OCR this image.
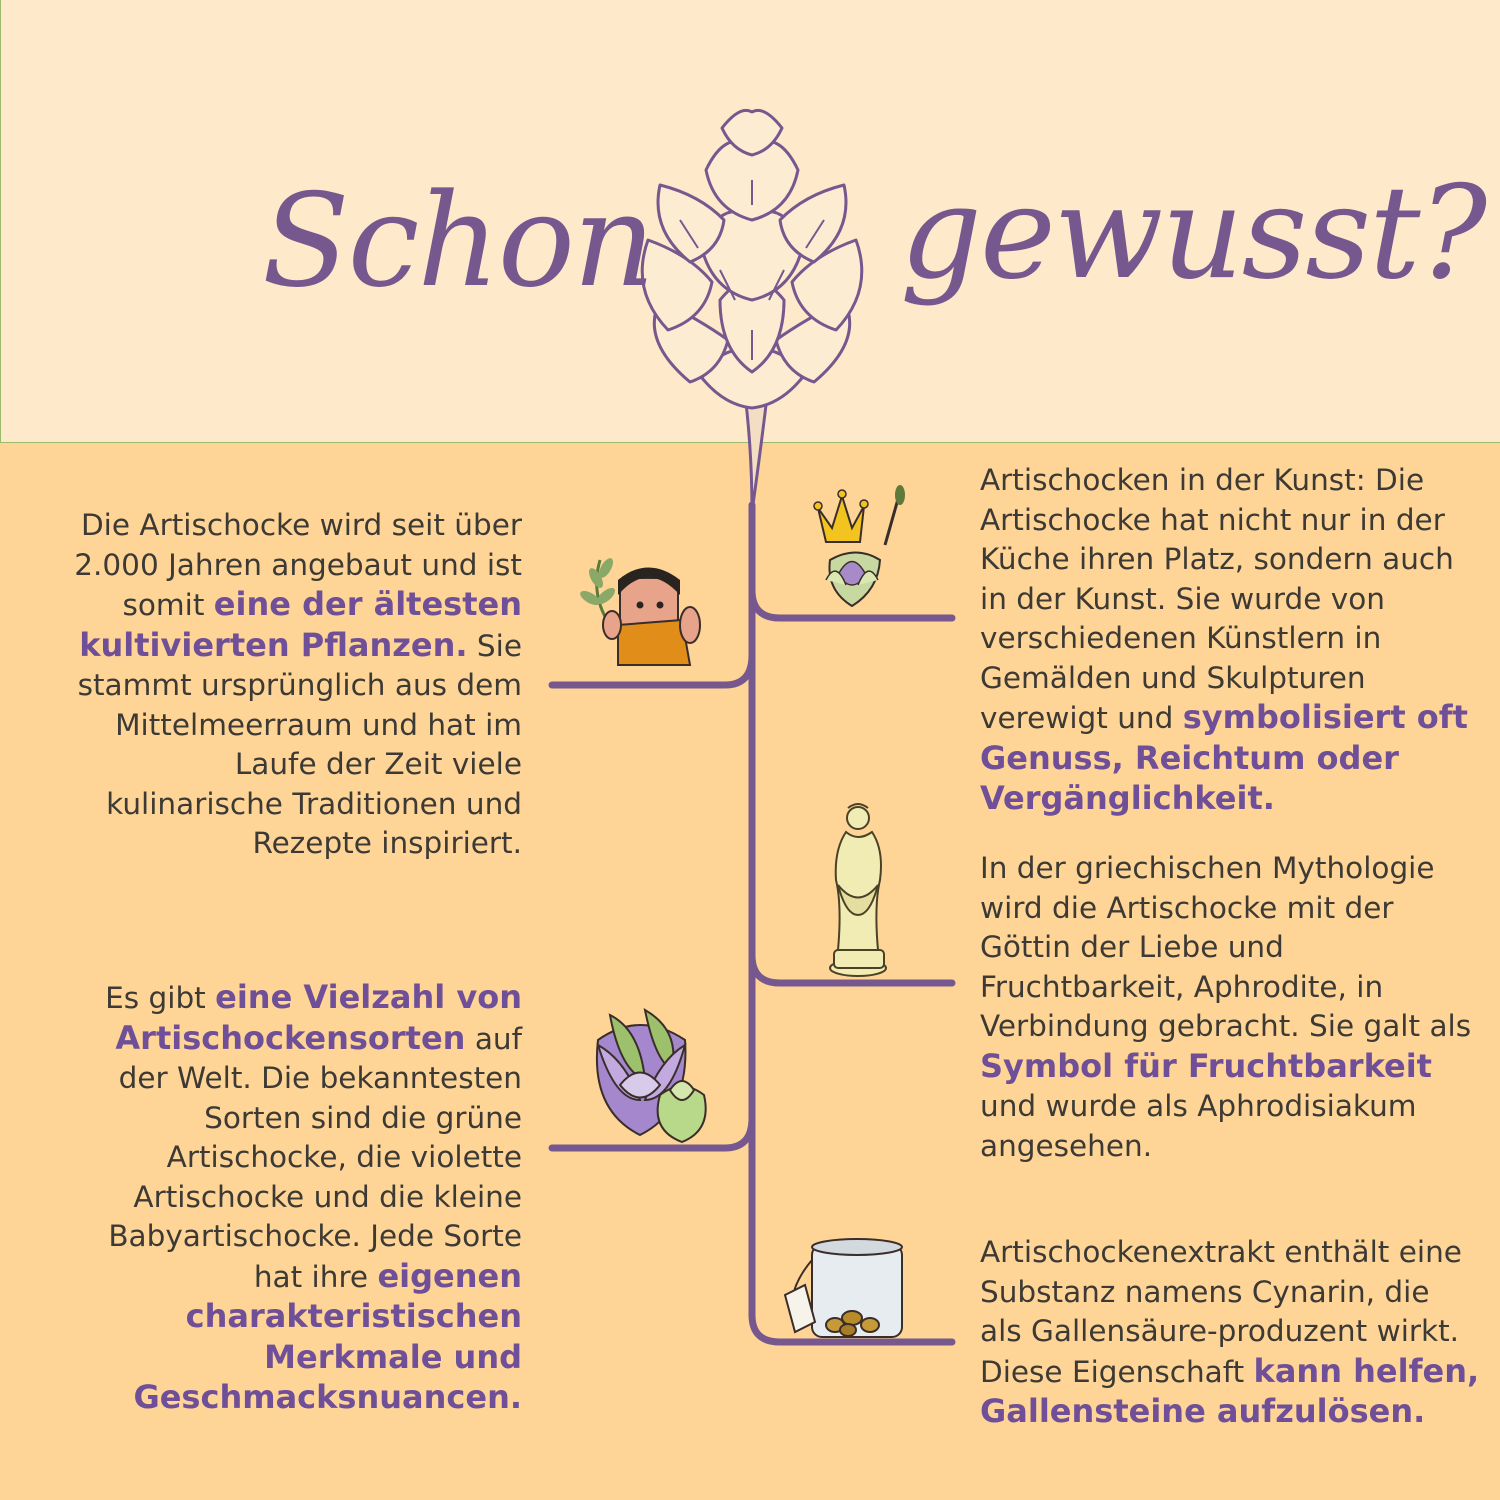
Schon gewusst?
Die Artischocke wird seit über 2.000 Jahren angebaut und ist somit eine der ältesten kultivierten Pflanzen. Sie stammt ursprünglich aus dem Mittelmeerraum und hat im Laufe der Zeit viele kulinarische Traditionen und Rezepte inspiriert.
Es gibt eine Vielzahl von Artischockensorten auf der Welt. Die bekanntesten Sorten sind die grüne Artischocke, die violette Artischocke und die kleine Babyartischocke. Jede Sorte hat ihre eigenen charakteristischen Merkmale und Geschmacksnuancen.
Artischocken in der Kunst: Die Artischocke hat nicht nur in der Küche ihren Platz, sondern auch in der Kunst. Sie wurde von verschiedenen Künstlern in Gemälden und Skulpturen verewigt und symbolisiert oft Genuss, Reichtum oder Vergänglichkeit.
In der griechischen Mythologie wird die Artischocke mit der Göttin der Liebe und Fruchtbarkeit, Aphrodite, in Verbindung gebracht. Sie galt als Symbol für Fruchtbarkeit und wurde als Aphrodisiakum angesehen.
Artischockenextrakt enthält eine Substanz namens Cynarin, die als Gallensäure-produzent wirkt. Diese Eigenschaft kann helfen, Gallensteine aufzulösen.
